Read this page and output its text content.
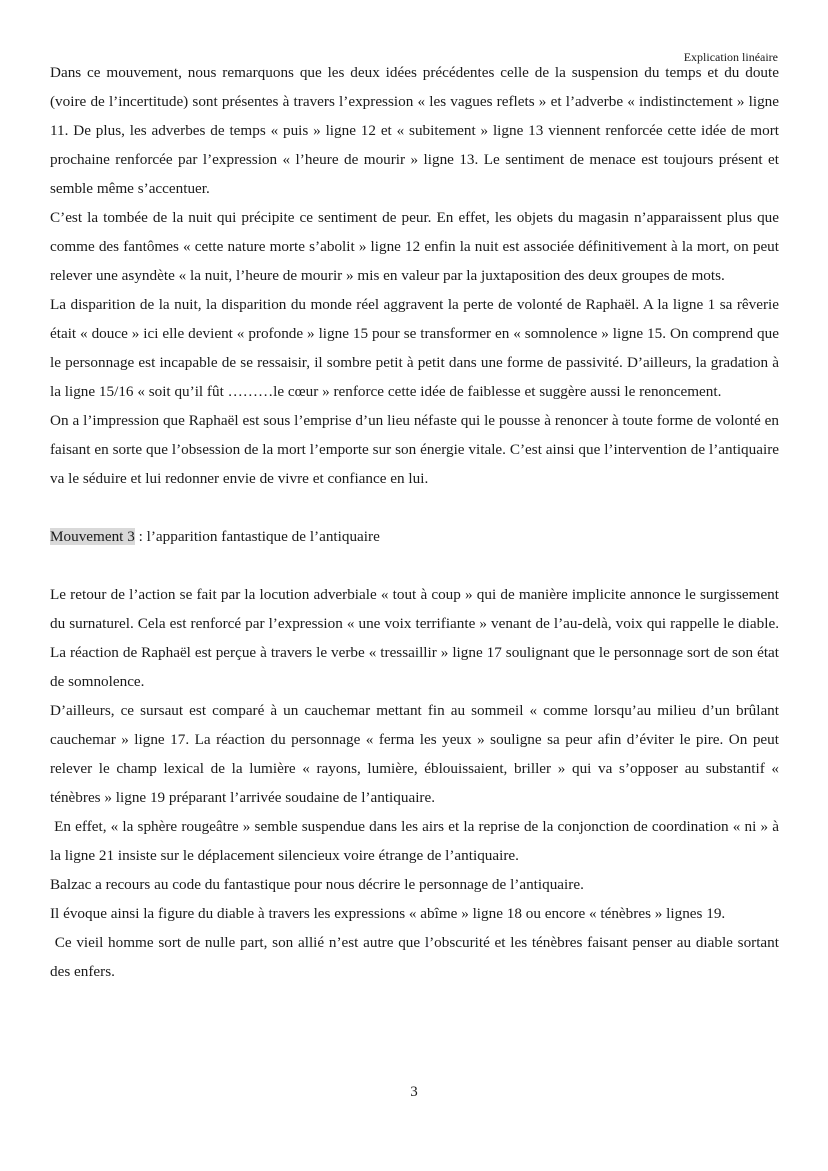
Explication linéaire

Dans ce mouvement, nous remarquons que les deux idées précédentes celle de la suspension du temps et du doute (voire de l’incertitude) sont présentes à travers l’expression « les vagues reflets » et l’adverbe « indistinctement » ligne 11. De plus, les adverbes de temps « puis » ligne 12 et « subitement » ligne 13 viennent renforcée cette idée de mort prochaine renforcée par l’expression « l’heure de mourir » ligne 13. Le sentiment de menace est toujours présent et semble même s’accentuer.

C’est la tombée de la nuit qui précipite ce sentiment de peur. En effet, les objets du magasin n’apparaissent plus que comme des fantômes « cette nature morte s’abolit » ligne 12 enfin la nuit est associée définitivement à la mort, on peut relever une asyndète « la nuit, l’heure de mourir » mis en valeur par la juxtaposition des deux groupes de mots.

La disparition de la nuit, la disparition du monde réel aggravent la perte de volonté de Raphaël. A la ligne 1 sa rêverie était « douce » ici elle devient « profonde » ligne 15 pour se transformer en « somnolence » ligne 15. On comprend que le personnage est incapable de se ressaisir, il sombre petit à petit dans une forme de passivité. D’ailleurs, la gradation à la ligne 15/16 « soit qu’il fût ………le cœur » renforce cette idée de faiblesse et suggère aussi le renoncement.

On a l’impression que Raphaël est sous l’emprise d’un lieu néfaste qui le pousse à renoncer à toute forme de volonté en faisant en sorte que l’obsession de la mort l’emporte sur son énergie vitale. C’est ainsi que l’intervention de l’antiquaire va le séduire et lui redonner envie de vivre et confiance en lui.

Mouvement 3 : l’apparition fantastique de l’antiquaire

Le retour de l’action se fait par la locution adverbiale « tout à coup » qui de manière implicite annonce le surgissement du surnaturel. Cela est renforcé par l’expression « une voix terrifiante » venant de l’au-delà, voix qui rappelle le diable. La réaction de Raphaël est perçue à travers le verbe « tressaillir » ligne 17 soulignant que le personnage sort de son état de somnolence.

D’ailleurs, ce sursaut est comparé à un cauchemar mettant fin au sommeil « comme lorsqu’au milieu d’un brûlant cauchemar » ligne 17. La réaction du personnage « ferma les yeux » souligne sa peur afin d’éviter le pire. On peut relever le champ lexical de la lumière « rayons, lumière, éblouissaient, briller » qui va s’opposer au substantif « ténèbres » ligne 19 préparant l’arrivée soudaine de l’antiquaire.

En effet, « la sphère rougeâtre » semble suspendue dans les airs et la reprise de la conjonction de coordination « ni » à la ligne 21 insiste sur le déplacement silencieux voire étrange de l’antiquaire.

Balzac a recours au code du fantastique pour nous décrire le personnage de l’antiquaire.

Il évoque ainsi la figure du diable à travers les expressions « abîme » ligne 18 ou encore « ténèbres » lignes 19.

Ce vieil homme sort de nulle part, son allié n’est autre que l’obscurité et les ténèbres faisant penser au diable sortant des enfers.

3
